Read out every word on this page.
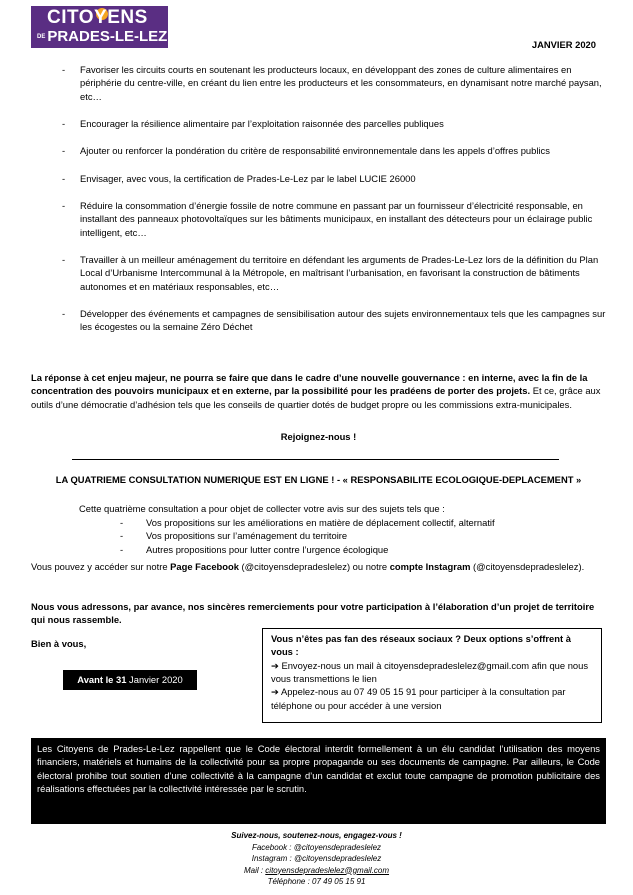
CITOYENS
DE PRADES-LE-LEZ	JANVIER 2020
- Favoriser les circuits courts en soutenant les producteurs locaux, en développant des zones de culture alimentaires en périphérie du centre-ville, en créant du lien entre les producteurs et les consommateurs, en dynamisant notre marché paysan, etc…
- Encourager la résilience alimentaire par l’exploitation raisonnée des parcelles publiques
- Ajouter ou renforcer la pondération du critère de responsabilité environnementale dans les appels d’offres publics
- Envisager, avec vous, la certification de Prades-Le-Lez par le label LUCIE 26000
- Réduire la consommation d’énergie fossile de notre commune en passant par un fournisseur d’électricité responsable, en installant des panneaux photovoltaïques sur les bâtiments municipaux, en installant des détecteurs pour un éclairage public intelligent, etc…
- Travailler à un meilleur aménagement du territoire en défendant les arguments de Prades-Le-Lez lors de la définition du Plan Local d’Urbanisme Intercommunal à la Métropole, en maîtrisant l’urbanisation, en favorisant la construction de bâtiments autonomes et en matériaux responsables, etc…
- Développer des événements et campagnes de sensibilisation autour des sujets environnementaux tels que les campagnes sur les écogestes ou la semaine Zéro Déchet
La réponse à cet enjeu majeur, ne pourra se faire que dans le cadre d’une nouvelle gouvernance : en interne, avec la fin de la concentration des pouvoirs municipaux et en externe, par la possibilité pour les pradéens de porter des projets. Et ce, grâce aux outils d’une démocratie d’adhésion tels que les conseils de quartier dotés de budget propre ou les commissions extra-municipales.
Rejoignez-nous !
LA QUATRIEME CONSULTATION NUMERIQUE EST EN LIGNE ! - « RESPONSABILITE ECOLOGIQUE-DEPLACEMENT »
Cette quatrième consultation a pour objet de collecter votre avis sur des sujets tels que :
- Vos propositions sur les améliorations en matière de déplacement collectif, alternatif
- Vos propositions sur l’aménagement du territoire
- Autres propositions pour lutter contre l’urgence écologique
Vous pouvez y accéder sur notre Page Facebook (@citoyensdepradeslelez) ou notre compte Instagram (@citoyensdepradeslelez).
Nous vous adressons, par avance, nos sincères remerciements pour votre participation à l’élaboration d’un projet de territoire qui nous rassemble.
Bien à vous,
Avant le 31 Janvier 2020
Vous n’êtes pas fan des réseaux sociaux ? Deux options s’offrent à vous :
➔ Envoyez-nous un mail à citoyensdepradeslelez@gmail.com afin que nous vous transmettions le lien
➔ Appelez-nous au 07 49 05 15 91 pour participer à la consultation par téléphone ou pour accéder à une version
Les Citoyens de Prades-Le-Lez rappellent que le Code électoral interdit formellement à un élu candidat l’utilisation des moyens financiers, matériels et humains de la collectivité pour sa propre propagande ou ses documents de campagne. Par ailleurs, le Code électoral prohibe tout soutien d’une collectivité à la campagne d’un candidat et exclut toute campagne de promotion publicitaire des réalisations effectuées par la collectivité intéressée par le scrutin.
Suivez-nous, soutenez-nous, engagez-vous !
Facebook : @citoyensdepradeslelez
Instagram : @citoyensdepradeslelez
Mail : citoyensdepradeslelez@gmail.com
Téléphone : 07 49 05 15 91
